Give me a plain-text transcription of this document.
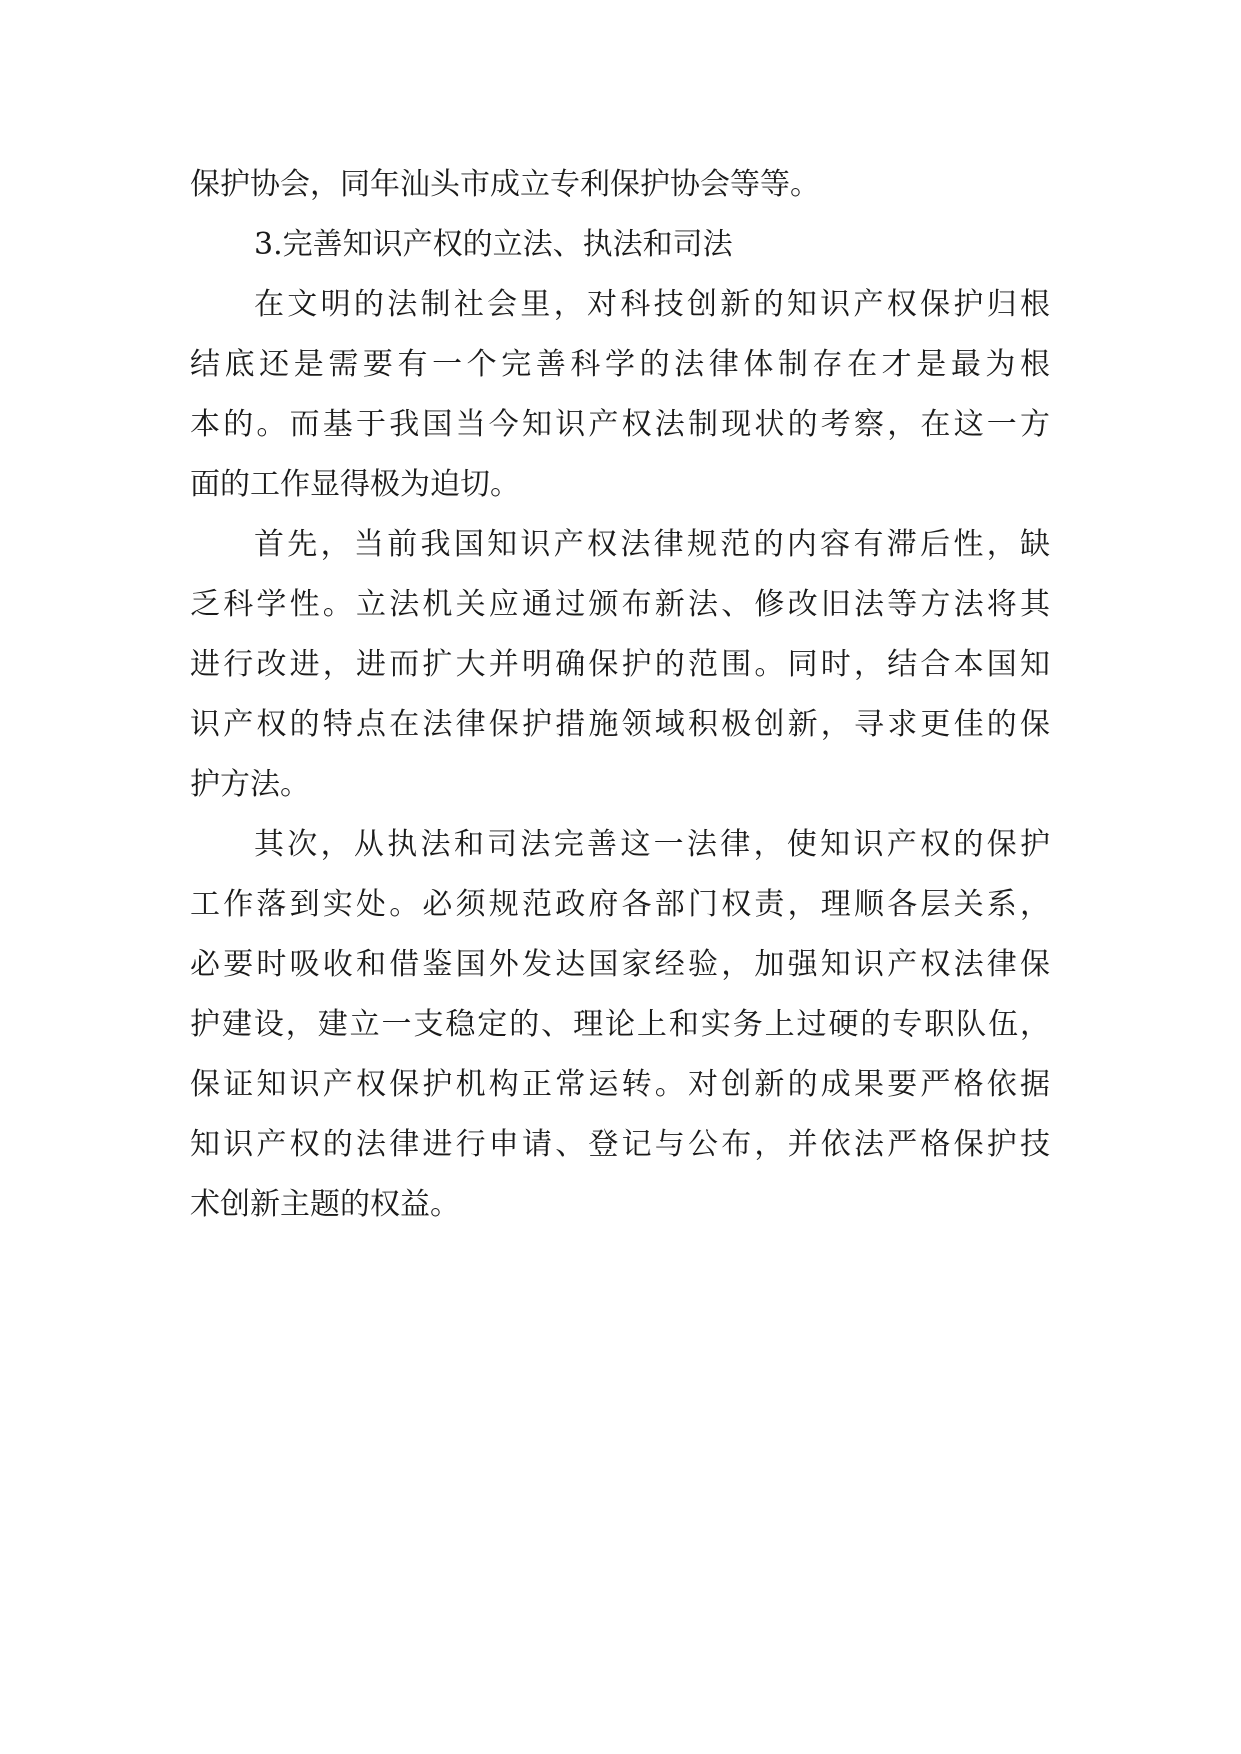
保护协会，同年汕头市成立专利保护协会等等。
3.完善知识产权的立法、执法和司法
在文明的法制社会里，对科技创新的知识产权保护归根
结底还是需要有一个完善科学的法律体制存在才是最为根
本的。而基于我国当今知识产权法制现状的考察，在这一方
面的工作显得极为迫切。
首先，当前我国知识产权法律规范的内容有滞后性，缺
乏科学性。立法机关应通过颁布新法、修改旧法等方法将其
进行改进，进而扩大并明确保护的范围。同时，结合本国知
识产权的特点在法律保护措施领域积极创新，寻求更佳的保
护方法。
其次，从执法和司法完善这一法律，使知识产权的保护
工作落到实处。必须规范政府各部门权责，理顺各层关系，
必要时吸收和借鉴国外发达国家经验，加强知识产权法律保
护建设，建立一支稳定的、理论上和实务上过硬的专职队伍，
保证知识产权保护机构正常运转。对创新的成果要严格依据
知识产权的法律进行申请、登记与公布，并依法严格保护技
术创新主题的权益。
